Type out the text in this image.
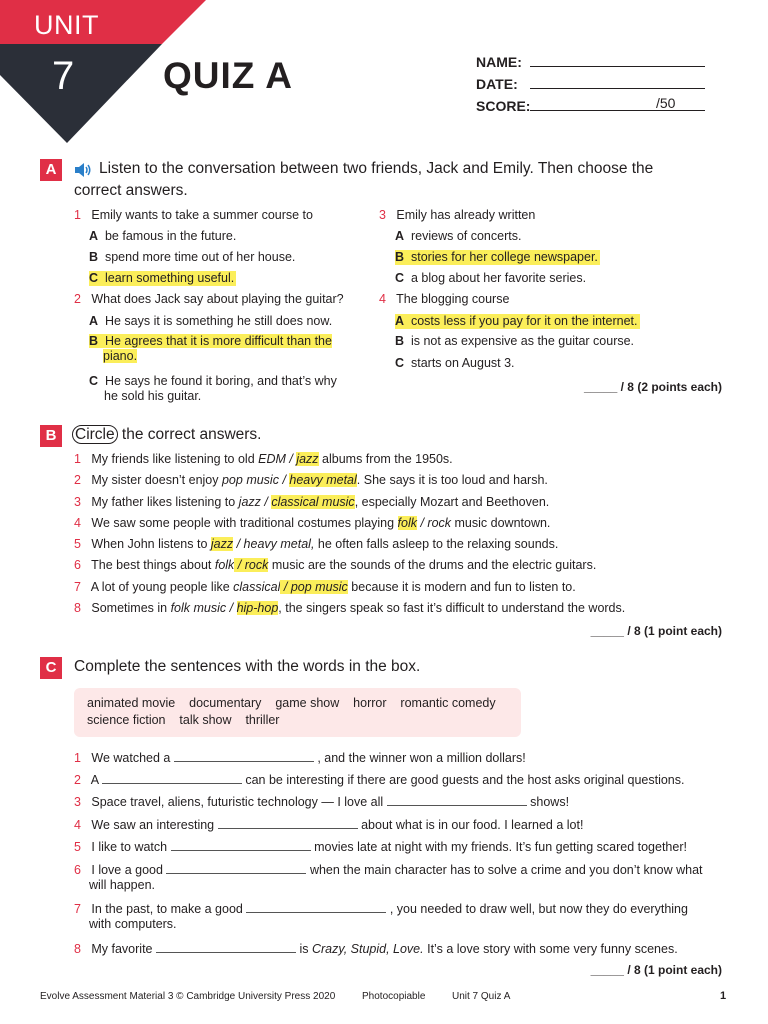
UNIT
7 QUIZ A	NAME:
DATE:
SCORE:	/50
A	Listen to the conversation between two friends, Jack and Emily. Then choose the
correct answers.
1 Emily wants to take a summer course to
A be famous in the future.
B spend more time out of her house.
C learn something useful.
2 What does Jack say about playing the guitar?
A He says it is something he still does now.
B He agrees that it is more difficult than the
piano.
C He says he found it boring, and that’s why
he sold his guitar.
3 Emily has already written
A reviews of concerts.
B stories for her college newspaper.
C a blog about her favorite series.
4 The blogging course
A costs less if you pay for it on the internet.
B is not as expensive as the guitar course.
C starts on August 3.
_____ / 8 (2 points each)
B	Circle the correct answers.
1 My friends like listening to old EDM / jazz albums from the 1950s.
2 My sister doesn’t enjoy pop music / heavy metal. She says it is too loud and harsh.
3 My father likes listening to jazz / classical music, especially Mozart and Beethoven.
4 We saw some people with traditional costumes playing folk / rock music downtown.
5 When John listens to jazz / heavy metal, he often falls asleep to the relaxing sounds.
6 The best things about folk / rock music are the sounds of the drums and the electric guitars.
7 A lot of young people like classical / pop music because it is modern and fun to listen to.
8 Sometimes in folk music / hip-hop, the singers speak so fast it’s difficult to understand the words.
_____ / 8 (1 point each)
C	Complete the sentences with the words in the box.
animated movie documentary game show horror romantic comedy
science fiction talk show thriller
1 We watched a	, and the winner won a million dollars!
2 A	can be interesting if there are good guests and the host asks original questions.
3 Space travel, aliens, futuristic technology — I love all	shows!
4 We saw an interesting	about what is in our food. I learned a lot!
5 I like to watch	movies late at night with my friends. It’s fun getting scared together!
6 I love a good	when the main character has to solve a crime and you don’t know what
will happen.
7 In the past, to make a good	, you needed to draw well, but now they do everything
with computers.
8 My favorite	is Crazy, Stupid, Love. It’s a love story with some very funny scenes.
_____ / 8 (1 point each)
Evolve Assessment Material 3 © Cambridge University Press 2020	Photocopiable	Unit 7 Quiz A	1
